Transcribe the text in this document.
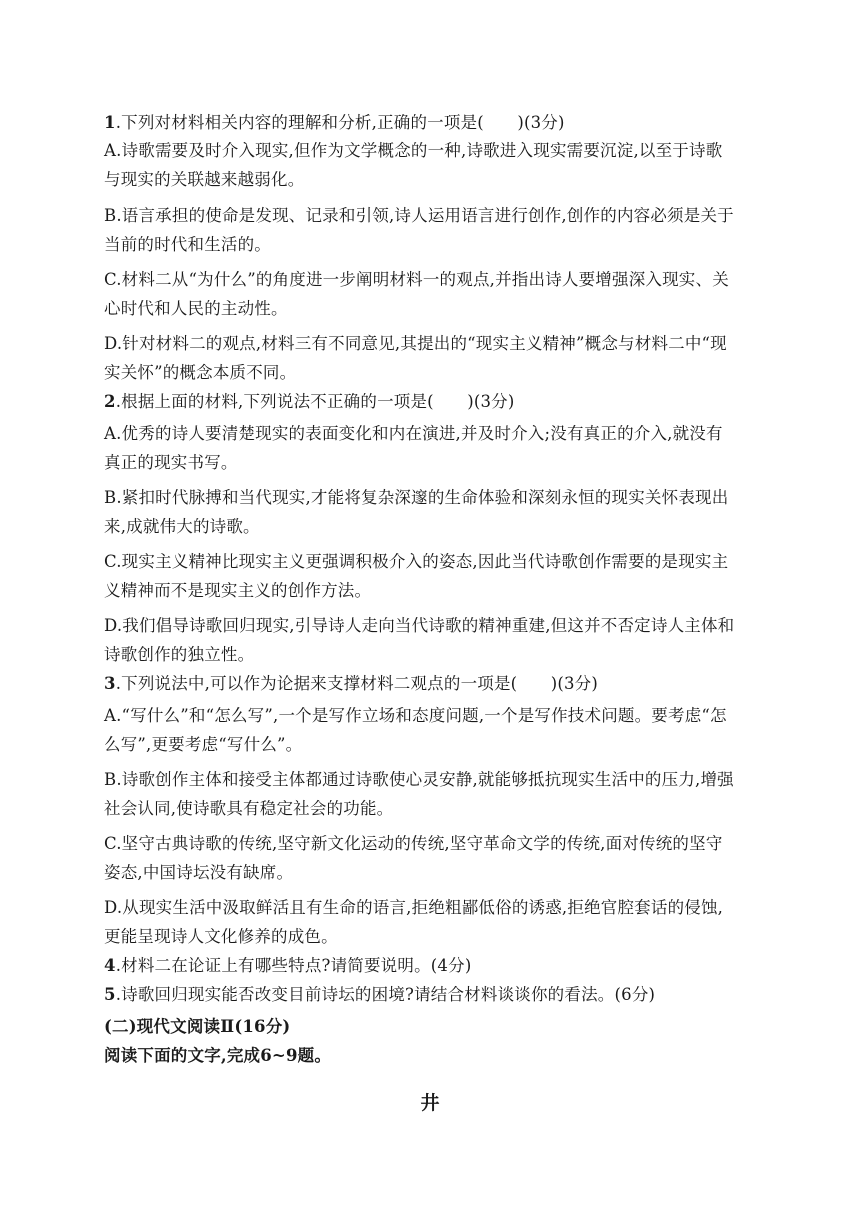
1.下列对材料相关内容的理解和分析,正确的一项是(　　)(3分)
A.诗歌需要及时介入现实,但作为文学概念的一种,诗歌进入现实需要沉淀,以至于诗歌
与现实的关联越来越弱化。
B.语言承担的使命是发现、记录和引领,诗人运用语言进行创作,创作的内容必须是关于
当前的时代和生活的。
C.材料二从“为什么”的角度进一步阐明材料一的观点,并指出诗人要增强深入现实、关
心时代和人民的主动性。
D.针对材料二的观点,材料三有不同意见,其提出的“现实主义精神”概念与材料二中“现
实关怀”的概念本质不同。
2.根据上面的材料,下列说法不正确的一项是(　　)(3分)
A.优秀的诗人要清楚现实的表面变化和内在演进,并及时介入;没有真正的介入,就没有
真正的现实书写。
B.紧扣时代脉搏和当代现实,才能将复杂深邃的生命体验和深刻永恒的现实关怀表现出
来,成就伟大的诗歌。
C.现实主义精神比现实主义更强调积极介入的姿态,因此当代诗歌创作需要的是现实主
义精神而不是现实主义的创作方法。
D.我们倡导诗歌回归现实,引导诗人走向当代诗歌的精神重建,但这并不否定诗人主体和
诗歌创作的独立性。
3.下列说法中,可以作为论据来支撑材料二观点的一项是(　　)(3分)
A.“写什么”和“怎么写”,一个是写作立场和态度问题,一个是写作技术问题。要考虑“怎
么写”,更要考虑“写什么”。
B.诗歌创作主体和接受主体都通过诗歌使心灵安静,就能够抵抗现实生活中的压力,增强
社会认同,使诗歌具有稳定社会的功能。
C.坚守古典诗歌的传统,坚守新文化运动的传统,坚守革命文学的传统,面对传统的坚守
姿态,中国诗坛没有缺席。
D.从现实生活中汲取鲜活且有生命的语言,拒绝粗鄙低俗的诱惑,拒绝官腔套话的侵蚀,
更能呈现诗人文化修养的成色。
4.材料二在论证上有哪些特点?请简要说明。(4分)
5.诗歌回归现实能否改变目前诗坛的困境?请结合材料谈谈你的看法。(6分)
(二)现代文阅读Ⅱ(16分)
阅读下面的文字,完成6~9题。
井
